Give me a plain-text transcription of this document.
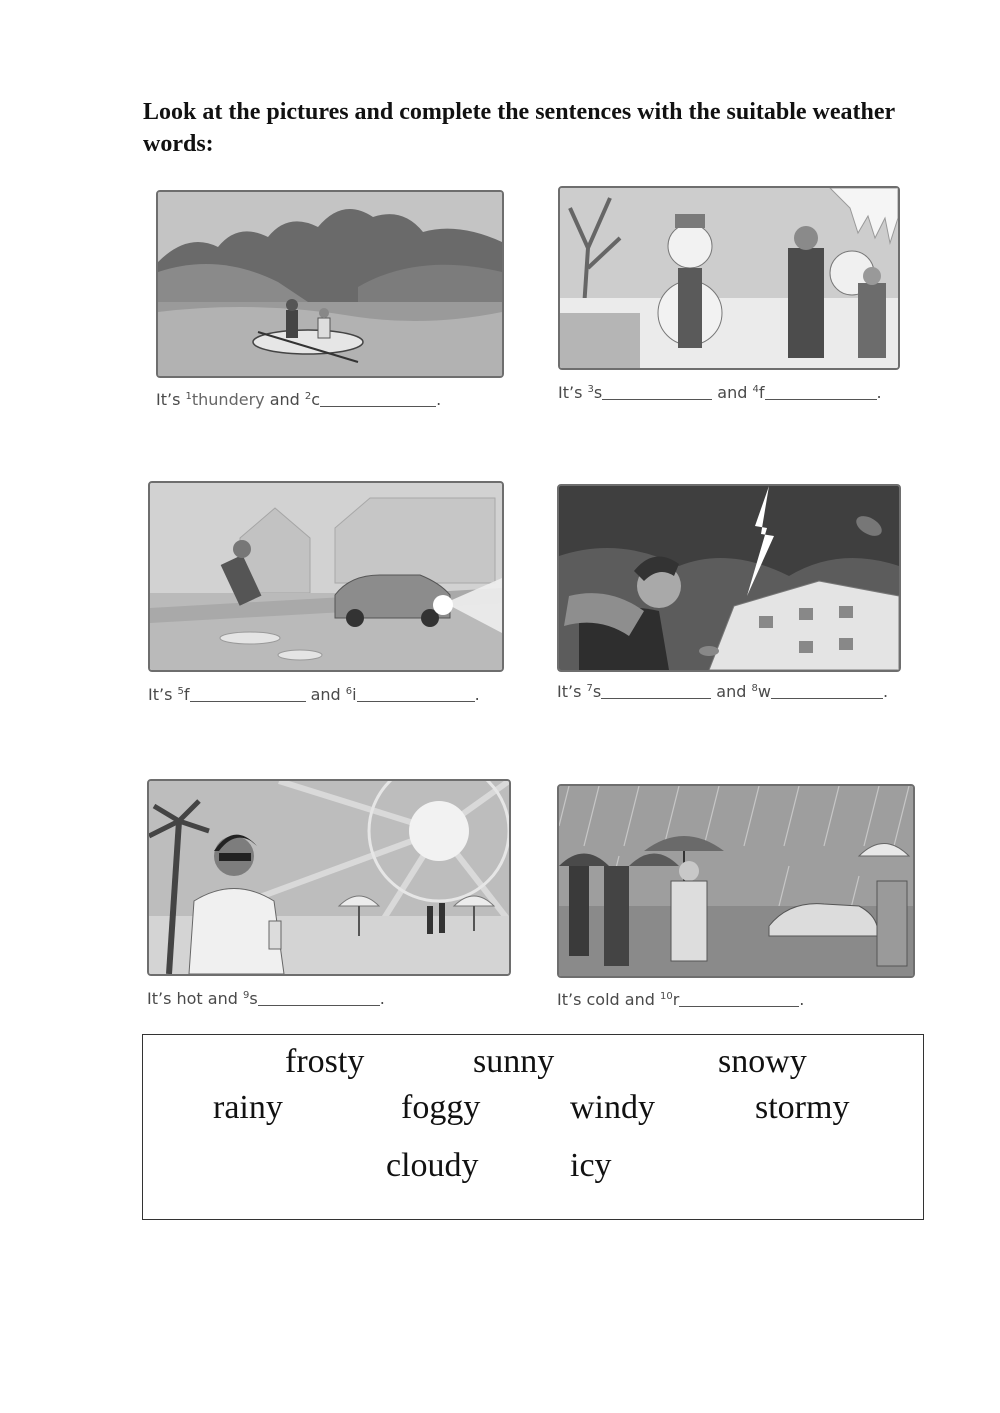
Look at the pictures and complete the sentences with the suitable weather words:
It’s $^1$thundery and $^2$c	.	It’s $^3$s	and $^4$f	.
It’s $^5$f	and $^6$i	.	It’s $^7$s	and $^8$w	.
It’s hot and $^9$s	.	It’s cold and $^{10}$r	.
frosty	sunny	snowy
rainy	foggy	windy	stormy
cloudy	icy
